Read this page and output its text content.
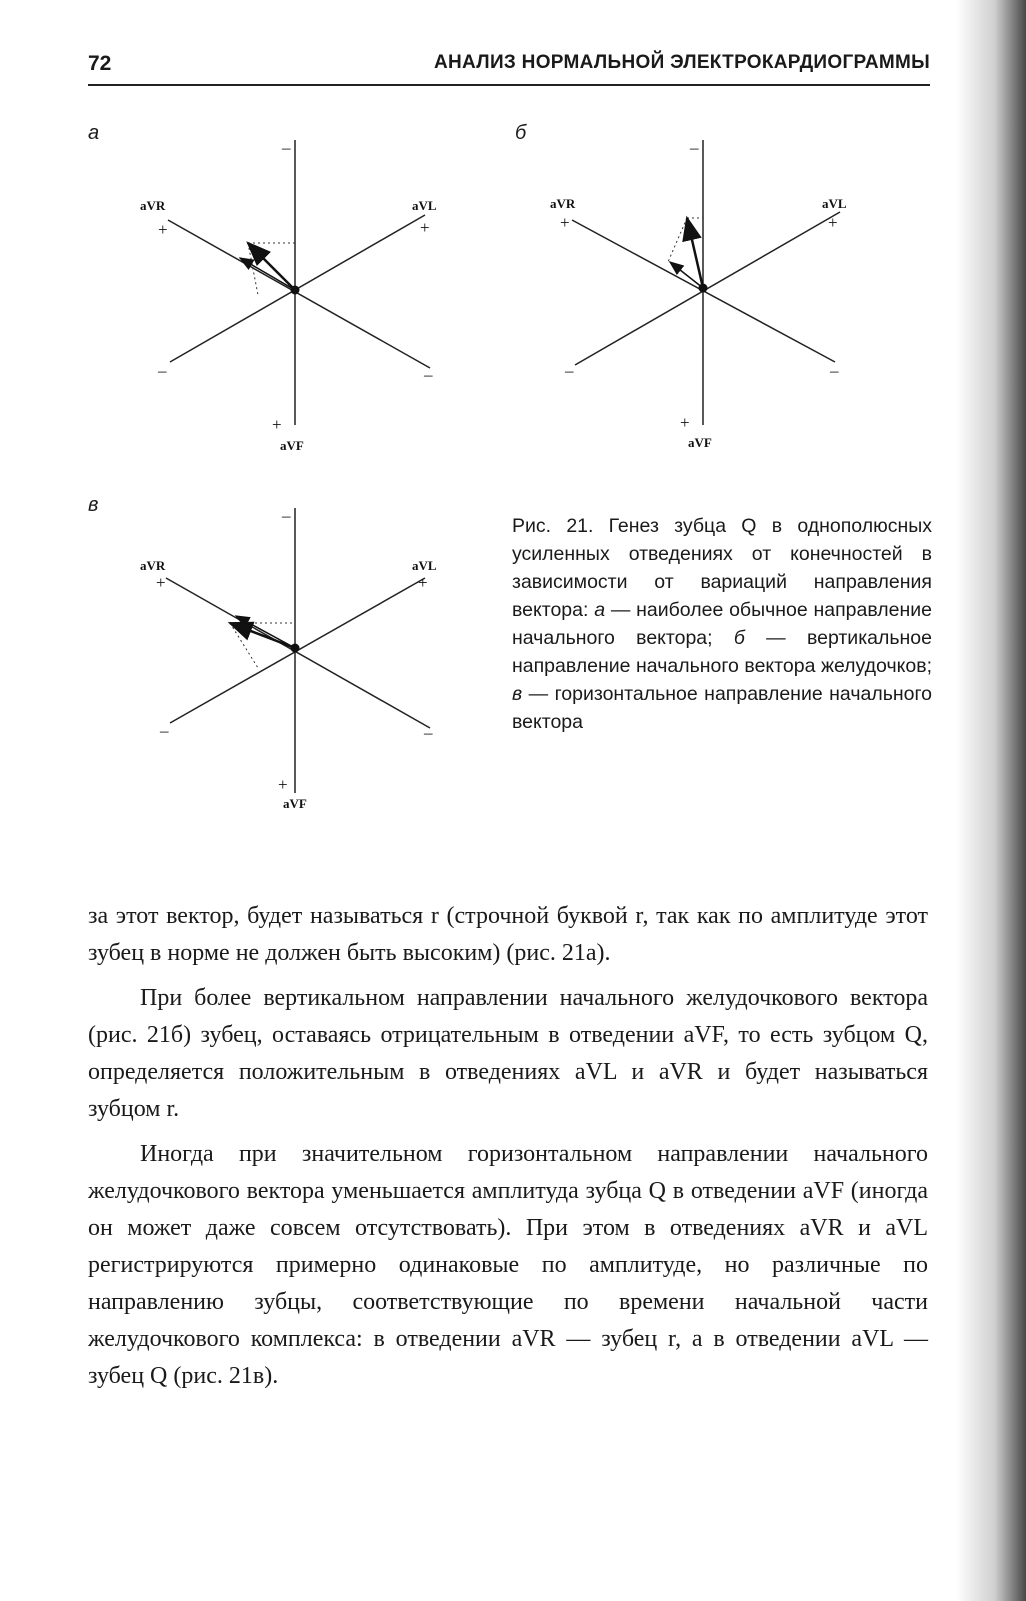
72	АНАЛИЗ НОРМАЛЬНОЙ ЭЛЕКТРОКАРДИОГРАММЫ
а
–
+	+
–	–
+
aVR	aVL
aVF
б
–
+	+
–	–
+
aVR	aVL
aVF
в	–
+	+
–	–
+
aVR	aVL
aVF

Рис. 21. Генез зубца Q в однополюсных усиленных отведениях от конечностей в зависимости от вариаций направления вектора: а — наиболее обычное направление начального вектора; б — вертикальное направление начального вектора желудочков; в — горизонтальное направление начального вектора

за этот вектор, будет называться r (строчной буквой r, так как по амплитуде этот зубец в норме не должен быть высоким) (рис. 21а).

При более вертикальном направлении начального желудочкового вектора (рис. 21б) зубец, оставаясь отрицательным в отведении aVF, то есть зубцом Q, определяется положительным в отведениях aVL и aVR и будет называться зубцом r.

Иногда при значительном горизонтальном направлении начального желудочкового вектора уменьшается амплитуда зубца Q в отведении aVF (иногда он может даже совсем отсутствовать). При этом в отведениях aVR и aVL регистрируются примерно одинаковые по амплитуде, но различные по направлению зубцы, соответствующие по времени начальной части желудочкового комплекса: в отведении aVR — зубец r, а в отведении aVL — зубец Q (рис. 21в).
